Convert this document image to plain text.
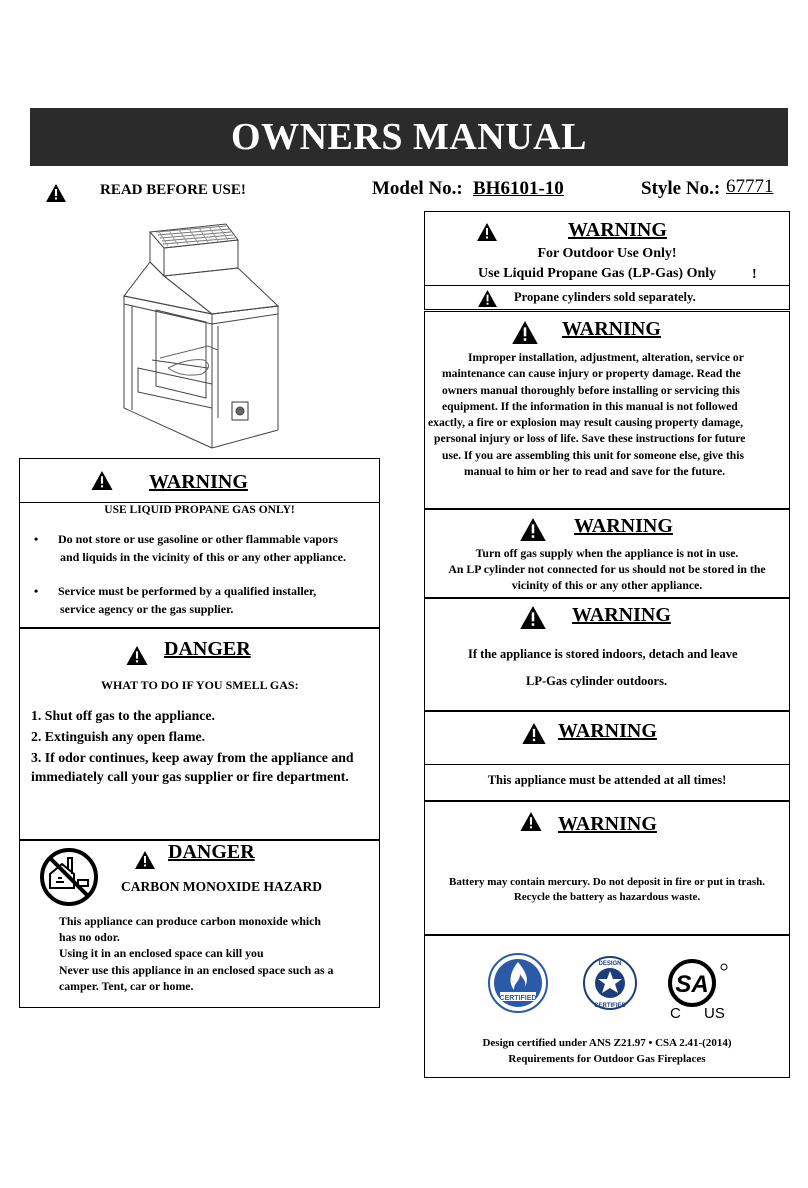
OWNERS MANUAL
READ BEFORE USE!	Model No.: BH6101-10	Style No.: 67771
WARNING
For Outdoor Use Only!
Use Liquid Propane Gas (LP-Gas) Only	!
Propane cylinders sold separately.
WARNING
Improper installation, adjustment, alteration, service or
maintenance can cause injury or property damage. Read the
owners manual thoroughly before installing or servicing this
equipment. If the information in this manual is not followed
exactly, a fire or explosion may result causing property damage,
personal injury or loss of life. Save these instructions for future
use. If you are assembling this unit for someone else, give this
manual to him or her to read and save for the future.
WARNING
Turn off gas supply when the appliance is not in use.
An LP cylinder not connected for us should not be stored in the
vicinity of this or any other appliance.
WARNING
If the appliance is stored indoors, detach and leave
LP-Gas cylinder outdoors.
WARNING
This appliance must be attended at all times!
WARNING
Battery may contain mercury. Do not deposit in fire or put in trash.
Recycle the battery as hazardous waste.
CERTIFIED
DESIGN
CERTIFIED
SA
C US
Design certified under ANS Z21.97 • CSA 2.41-(2014)
Requirements for Outdoor Gas Fireplaces
WARNING
USE LIQUID PROPANE GAS ONLY!
• Do not store or use gasoline or other flammable vapors
and liquids in the vicinity of this or any other appliance.
• Service must be performed by a qualified installer,
service agency or the gas supplier.
DANGER
WHAT TO DO IF YOU SMELL GAS:
1. Shut off gas to the appliance.
2. Extinguish any open flame.
3. If odor continues, keep away from the appliance and
immediately call your gas supplier or fire department.
DANGER
CARBON MONOXIDE HAZARD
This appliance can produce carbon monoxide which
has no odor.
Using it in an enclosed space can kill you
Never use this appliance in an enclosed space such as a
camper. Tent, car or home.
